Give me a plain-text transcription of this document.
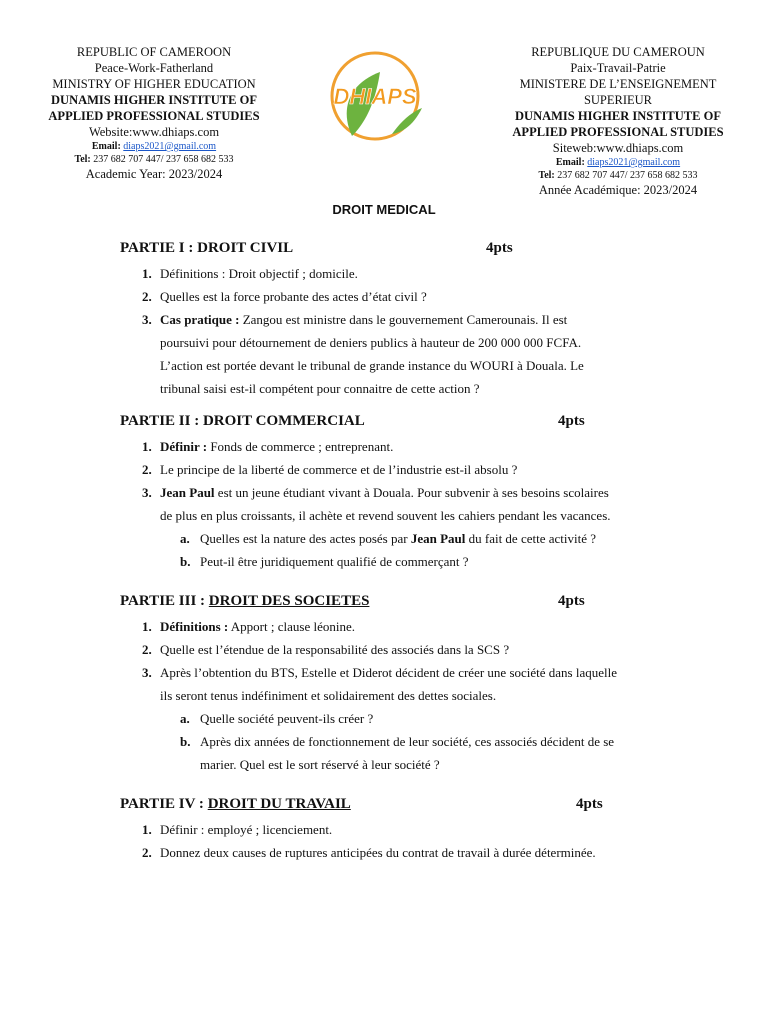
REPUBLIC OF CAMEROON
Peace-Work-Fatherland
MINISTRY OF HIGHER EDUCATION
DUNAMIS HIGHER INSTITUTE OF
APPLIED PROFESSIONAL STUDIES
Website:www.dhiaps.com
Email: diaps2021@gmail.com
Tel: 237 682 707 447/ 237 658 682 533
Academic Year: 2023/2024
DHIAPS
REPUBLIQUE DU CAMEROUN
Paix-Travail-Patrie
MINISTERE DE L’ENSEIGNEMENT
SUPERIEUR
DUNAMIS HIGHER INSTITUTE OF
APPLIED PROFESSIONAL STUDIES
Siteweb:www.dhiaps.com
Email: diaps2021@gmail.com
Tel: 237 682 707 447/ 237 658 682 533
Année Académique: 2023/2024
DROIT MEDICAL
PARTIE I : DROIT CIVIL	4pts
1. Définitions : Droit objectif ; domicile.
2. Quelles est la force probante des actes d’état civil ?
3. Cas pratique : Zangou est ministre dans le gouvernement Camerounais. Il est
poursuivi pour détournement de deniers publics à hauteur de 200 000 000 FCFA.
L’action est portée devant le tribunal de grande instance du WOURI à Douala. Le
tribunal saisi est-il compétent pour connaitre de cette action ?
PARTIE II : DROIT COMMERCIAL	4pts
1. Définir : Fonds de commerce ; entreprenant.
2. Le principe de la liberté de commerce et de l’industrie est-il absolu ?
3. Jean Paul est un jeune étudiant vivant à Douala. Pour subvenir à ses besoins scolaires
de plus en plus croissants, il achète et revend souvent les cahiers pendant les vacances.
a. Quelles est la nature des actes posés par Jean Paul du fait de cette activité ?
b. Peut-il être juridiquement qualifié de commerçant ?
PARTIE III : DROIT DES SOCIETES	4pts
1. Définitions : Apport ; clause léonine.
2. Quelle est l’étendue de la responsabilité des associés dans la SCS ?
3. Après l’obtention du BTS, Estelle et Diderot décident de créer une société dans laquelle
ils seront tenus indéfiniment et solidairement des dettes sociales.
a. Quelle société peuvent-ils créer ?
b. Après dix années de fonctionnement de leur société, ces associés décident de se
marier. Quel est le sort réservé à leur société ?
PARTIE IV : DROIT DU TRAVAIL	4pts
1. Définir : employé ; licenciement.
2. Donnez deux causes de ruptures anticipées du contrat de travail à durée déterminée.
